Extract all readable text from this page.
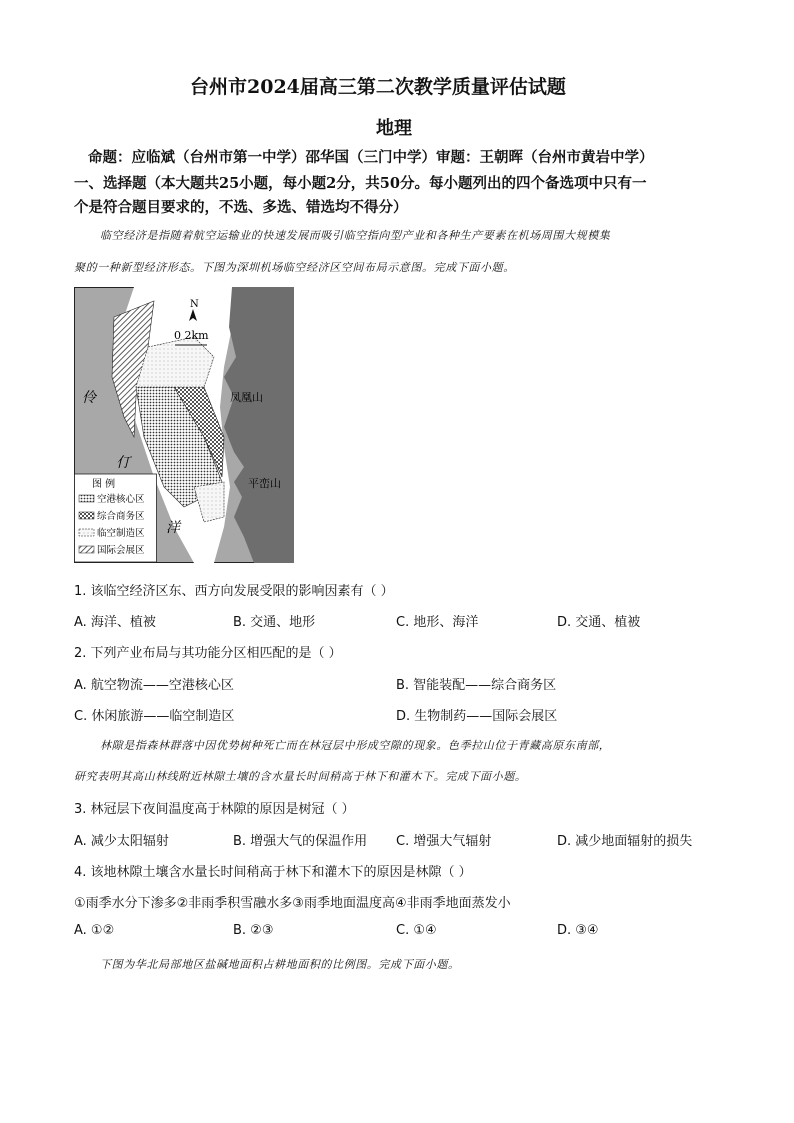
台州市2024届高三第二次教学质量评估试题
地理
命题：应临斌（台州市第一中学）邵华国（三门中学）审题：王朝晖（台州市黄岩中学）
一、选择题（本大题共25小题，每小题2分，共50分。每小题列出的四个备选项中只有一
个是符合题目要求的，不选、多选、错选均不得分）
临空经济是指随着航空运输业的快速发展而吸引临空指向型产业和各种生产要素在机场周围大规模集
聚的一种新型经济形态。下图为深圳机场临空经济区空间布局示意图。完成下面小题。
N
0 2km
伶
仃
洋
凤凰山
平峦山
图 例
空港核心区
综合商务区
临空制造区
国际会展区
1. 该临空经济区东、西方向发展受限的影响因素有（ ）
A. 海洋、植被	B. 交通、地形	C. 地形、海洋	D. 交通、植被
2. 下列产业布局与其功能分区相匹配的是（ ）
A. 航空物流——空港核心区	B. 智能装配——综合商务区
C. 休闲旅游——临空制造区	D. 生物制药——国际会展区
林隙是指森林群落中因优势树种死亡而在林冠层中形成空隙的现象。色季拉山位于青藏高原东南部，
研究表明其高山林线附近林隙土壤的含水量长时间稍高于林下和灌木下。完成下面小题。
3. 林冠层下夜间温度高于林隙的原因是树冠（ ）
A. 减少太阳辐射	B. 增强大气的保温作用 C. 增强大气辐射	D. 减少地面辐射的损失
4. 该地林隙土壤含水量长时间稍高于林下和灌木下的原因是林隙（ ）
①雨季水分下渗多②非雨季积雪融水多③雨季地面温度高④非雨季地面蒸发小
A. ①②	B. ②③	C. ①④	D. ③④
下图为华北局部地区盐碱地面积占耕地面积的比例图。完成下面小题。
